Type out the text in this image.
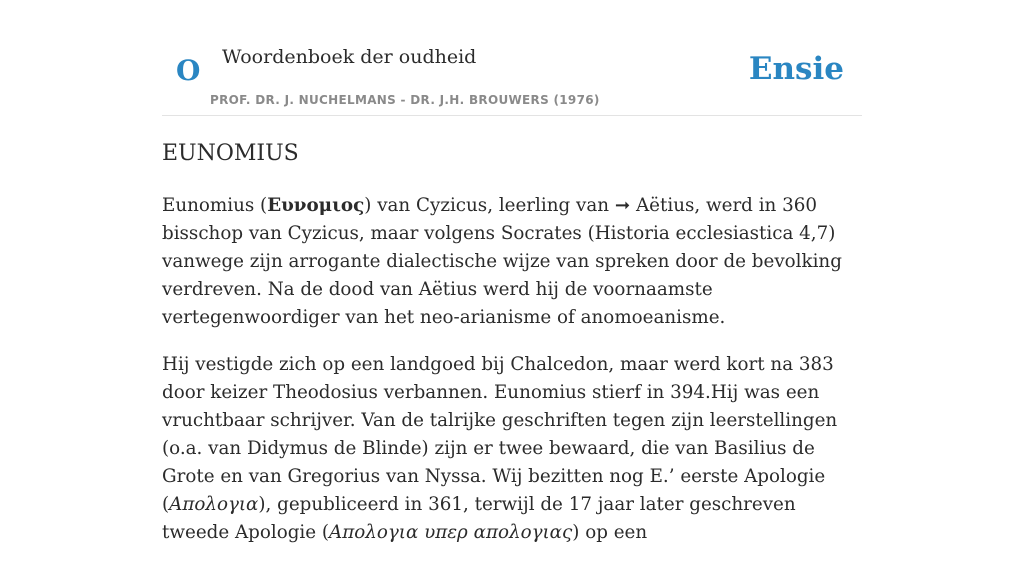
O Woordenboek der oudheid
PROF. DR. J. NUCHELMANS - DR. J.H. BROUWERS (1976)
Ensie
EUNOMIUS

Eunomius (Ευνομιος) van Cyzicus, leerling van ➞ Aëtius, werd in 360 bisschop van Cyzicus, maar volgens Socrates (Historia ecclesiastica 4,7) vanwege zijn arrogante dialectische wijze van spreken door de bevolking verdreven. Na de dood van Aëtius werd hij de voornaamste vertegenwoordiger van het neo-arianisme of anomoeanisme.

Hij vestigde zich op een landgoed bij Chalcedon, maar werd kort na 383 door keizer Theodosius verbannen. Eunomius stierf in 394.Hij was een vruchtbaar schrijver. Van de talrijke geschriften tegen zijn leerstellingen (o.a. van Didymus de Blinde) zijn er twee bewaard, die van Basilius de Grote en van Gregorius van Nyssa. Wij bezitten nog E.’ eerste Apologie (Απολογια), gepubliceerd in 361, terwijl de 17 jaar later geschreven tweede Apologie (Απολογια υπερ απολογιας) op een
